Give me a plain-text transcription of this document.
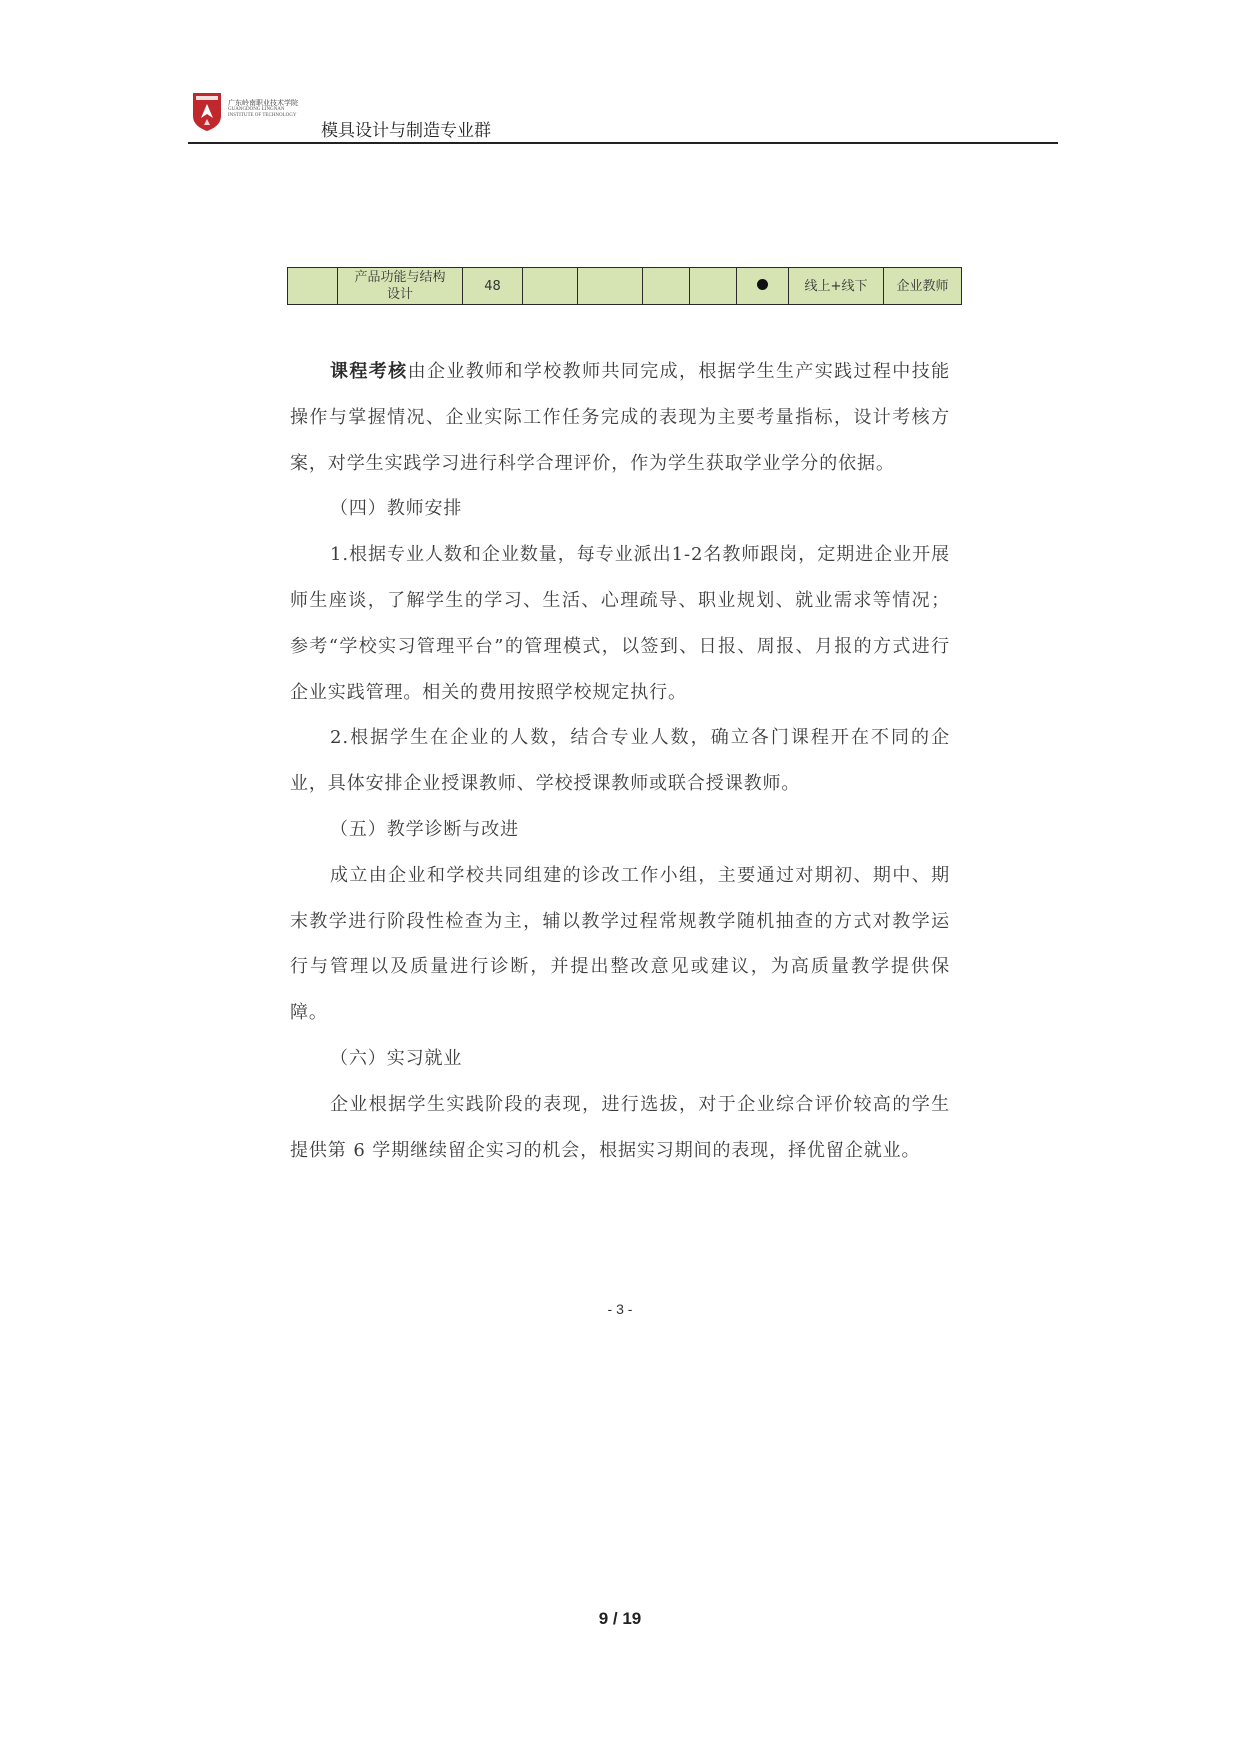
广东岭南职业技术学院
GUANGDONG LINGNAN
INSTITUTE OF TECHNOLOGY
模具设计与制造专业群

产品功能与结构
设计
	48						线上+线下	企业教师

课程考核由企业教师和学校教师共同完成，根据学生生产实践过程中技能操作与掌握情况、企业实际工作任务完成的表现为主要考量指标，设计考核方案，对学生实践学习进行科学合理评价，作为学生获取学业学分的依据。

（四）教师安排

1.根据专业人数和企业数量，每专业派出1-2名教师跟岗，定期进企业开展师生座谈，了解学生的学习、生活、心理疏导、职业规划、就业需求等情况；参考“学校实习管理平台”的管理模式，以签到、日报、周报、月报的方式进行企业实践管理。相关的费用按照学校规定执行。

2.根据学生在企业的人数，结合专业人数，确立各门课程开在不同的企业，具体安排企业授课教师、学校授课教师或联合授课教师。

（五）教学诊断与改进

成立由企业和学校共同组建的诊改工作小组，主要通过对期初、期中、期末教学进行阶段性检查为主，辅以教学过程常规教学随机抽查的方式对教学运行与管理以及质量进行诊断，并提出整改意见或建议，为高质量教学提供保障。

（六）实习就业

企业根据学生实践阶段的表现，进行选拔，对于企业综合评价较高的学生提供第 6 学期继续留企实习的机会，根据实习期间的表现，择优留企就业。

- 3 -
9 / 19
